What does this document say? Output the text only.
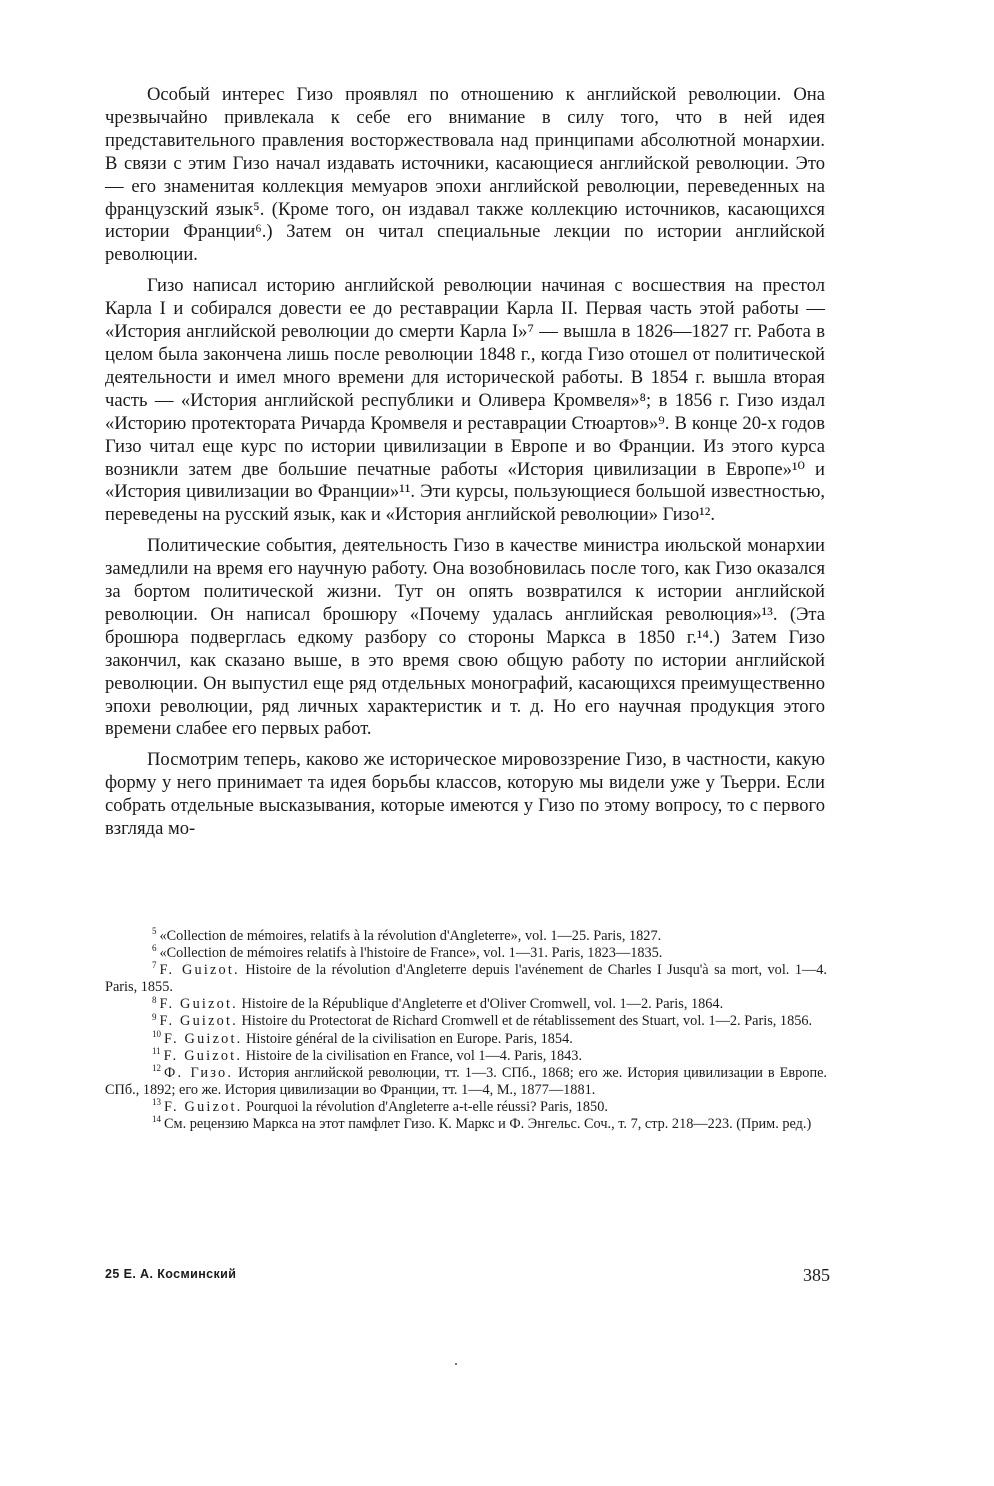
Особый интерес Гизо проявлял по отношению к английской революции. Она чрезвычайно привлекала к себе его внимание в силу того, что в ней идея представительного правления восторжествовала над принципами абсолютной монархии. В связи с этим Гизо начал издавать источники, касающиеся английской революции. Это — его знаменитая коллекция мемуаров эпохи английской революции, переведенных на французский язык⁵. (Кроме того, он издавал также коллекцию источников, касающихся истории Франции⁶.) Затем он читал специальные лекции по истории английской революции.

Гизо написал историю английской революции начиная с восшествия на престол Карла I и собирался довести ее до реставрации Карла II. Первая часть этой работы — «История английской революции до смерти Карла I»⁷ — вышла в 1826—1827 гг. Работа в целом была закончена лишь после революции 1848 г., когда Гизо отошел от политической деятельности и имел много времени для исторической работы. В 1854 г. вышла вторая часть — «История английской республики и Оливера Кромвеля»⁸; в 1856 г. Гизо издал «Историю протектората Ричарда Кромвеля и реставрации Стюартов»⁹. В конце 20-х годов Гизо читал еще курс по истории цивилизации в Европе и во Франции. Из этого курса возникли затем две большие печатные работы «История цивилизации в Европе»¹⁰ и «История цивилизации во Франции»¹¹. Эти курсы, пользующиеся большой известностью, переведены на русский язык, как и «История английской революции» Гизо¹².

Политические события, деятельность Гизо в качестве министра июльской монархии замедлили на время его научную работу. Она возобновилась после того, как Гизо оказался за бортом политической жизни. Тут он опять возвратился к истории английской революции. Он написал брошюру «Почему удалась английская революция»¹³. (Эта брошюра подверглась едкому разбору со стороны Маркса в 1850 г.¹⁴.) Затем Гизо закончил, как сказано выше, в это время свою общую работу по истории английской революции. Он выпустил еще ряд отдельных монографий, касающихся преимущественно эпохи революции, ряд личных характеристик и т. д. Но его научная продукция этого времени слабее его первых работ.

Посмотрим теперь, каково же историческое мировоззрение Гизо, в частности, какую форму у него принимает та идея борьбы классов, которую мы видели уже у Тьерри. Если собрать отдельные высказывания, которые имеются у Гизо по этому вопросу, то с первого взгляда мо-

$^5$ «Collection de mémoires, relatifs à la révolution d'Angleterre», vol. 1—25. Paris, 1827.

$^6$ «Collection de mémoires relatifs à l'histoire de France», vol. 1—31. Paris, 1823—1835.

$^7$ F. Guizot. Histoire de la révolution d'Angleterre depuis l'avénement de Charles I Jusqu'à sa mort, vol. 1—4. Paris, 1855.

$^8$ F. Guizot. Histoire de la République d'Angleterre et d'Oliver Cromwell, vol. 1—2. Paris, 1864.

$^9$ F. Guizot. Histoire du Protectorat de Richard Cromwell et de rétablissement des Stuart, vol. 1—2. Paris, 1856.

$^{10}$ F. Guizot. Histoire général de la civilisation en Europe. Paris, 1854.

$^{11}$ F. Guizot. Histoire de la civilisation en France, vol 1—4. Paris, 1843.

$^{12}$ Ф. Гизо. История английской революции, тт. 1—3. СПб., 1868; его же. История цивилизации в Европе. СПб., 1892; его же. История цивилизации во Франции, тт. 1—4, М., 1877—1881.

$^{13}$ F. Guizot. Pourquoi la révolution d'Angleterre a-t-elle réussi? Paris, 1850.

$^{14}$ См. рецензию Маркса на этот памфлет Гизо. К. Маркс и Ф. Энгельс. Соч., т. 7, стр. 218—223. (Прим. ред.)

25 Е. А. Косминский	385
